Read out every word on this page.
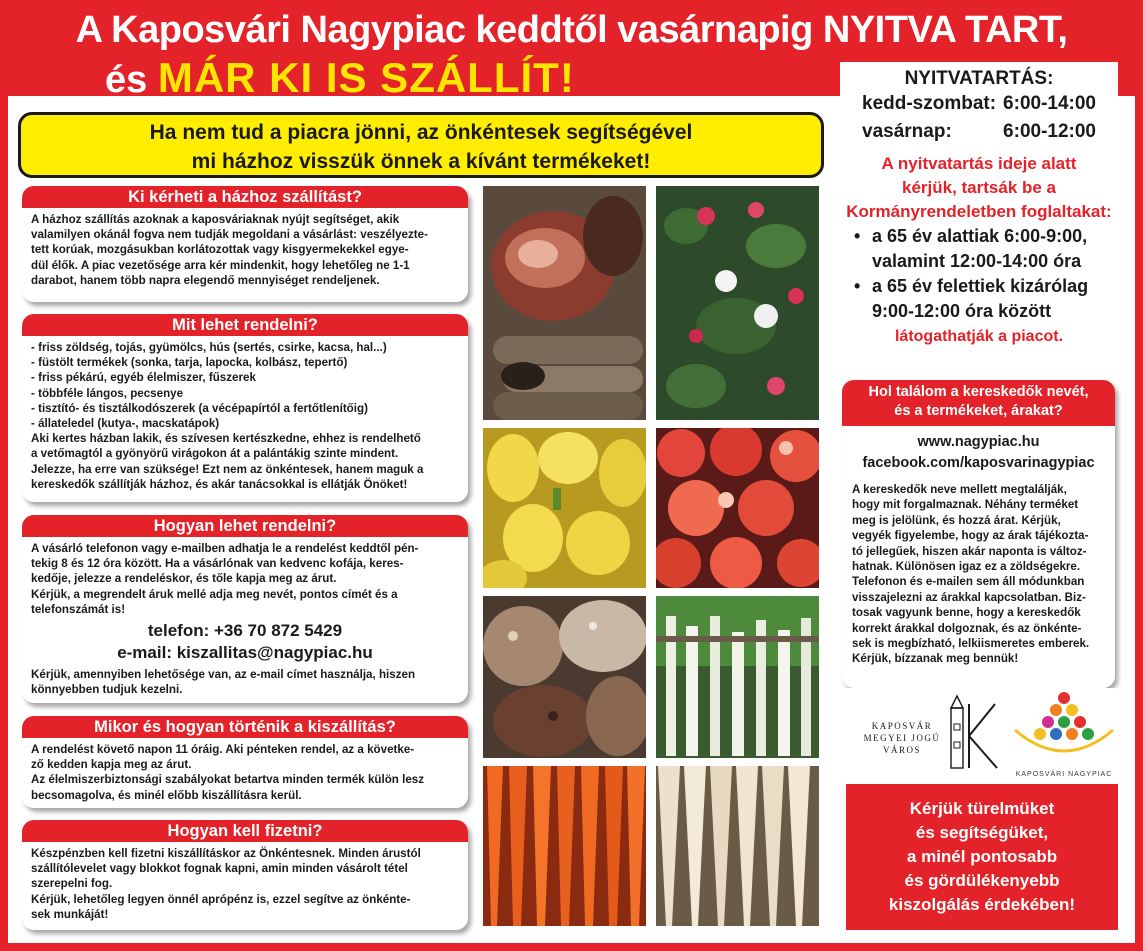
A Kaposvári Nagypiac keddtől vasárnapig NYITVA TART,
és MÁR KI IS SZÁLLÍT!	NYITVATARTÁS:
kedd-szombat: 6:00-14:00
vasárnap:	6:00-12:00
A nyitvatartás ideje alatt
kérjük, tartsák be a
Kormányrendeletben foglaltakat:
• a 65 év alattiak 6:00-9:00,
valamint 12:00-14:00 óra
• a 65 év felettiek kizárólag
9:00-12:00 óra között
látogathatják a piacot.
Ha nem tud a piacra jönni, az önkéntesek segítségével
mi házhoz visszük önnek a kívánt termékeket!
Ki kérheti a házhoz szállítást?

A házhoz szállítás azoknak a kaposváriaknak nyújt segítséget, akik

valamilyen okánál fogva nem tudják megoldani a vásárlást: veszélyezte-

tett korúak, mozgásukban korlátozottak vagy kisgyermekekkel egye-

dül élők. A piac vezetősége arra kér mindenkit, hogy lehetőleg ne 1-1

darabot, hanem több napra elegendő mennyiséget rendeljenek.

Mit lehet rendelni?

- friss zöldség, tojás, gyümölcs, hús (sertés, csirke, kacsa, hal...)

- füstölt termékek (sonka, tarja, lapocka, kolbász, tepertő)

- friss pékárú, egyéb élelmiszer, fűszerek

- többféle lángos, pecsenye

- tisztító- és tisztálkodószerek (a vécépapírtól a fertőtlenítőig)

- állateledel (kutya-, macskatápok)

Aki kertes házban lakik, és szívesen kertészkedne, ehhez is rendelhető

a vetőmagtól a gyönyörű virágokon át a palántákig szinte mindent.

Jelezze, ha erre van szüksége! Ezt nem az önkéntesek, hanem maguk a

kereskedők szállítják házhoz, és akár tanácsokkal is ellátják Önöket!

Hogyan lehet rendelni?

A vásárló telefonon vagy e-mailben adhatja le a rendelést keddtől pén-

tekig 8 és 12 óra között. Ha a vásárlónak van kedvenc kofája, keres-

kedője, jelezze a rendeléskor, és tőle kapja meg az árut.

Kérjük, a megrendelt áruk mellé adja meg nevét, pontos címét és a

telefonszámát is!

telefon: +36 70 872 5429

e-mail: kiszallitas@nagypiac.hu

Kérjük, amennyiben lehetősége van, az e-mail címet használja, hiszen

könnyebben tudjuk kezelni.

Mikor és hogyan történik a kiszállítás?

A rendelést követő napon 11 óráig. Aki pénteken rendel, az a követke-

ző kedden kapja meg az árut.

Az élelmiszerbiztonsági szabályokat betartva minden termék külön lesz

becsomagolva, és minél előbb kiszállításra kerül.

Hogyan kell fizetni?

Készpénzben kell fizetni kiszállításkor az Önkéntesnek. Minden árustól

szállítólevelet vagy blokkot fognak kapni, amin minden vásárolt tétel

szerepelni fog.

Kérjük, lehetőleg legyen önnél aprópénz is, ezzel segítve az önkénte-

sek munkáját!

Hol találom a kereskedők nevét,
és a termékeket, árakat?
www.nagypiac.hu
facebook.com/kaposvarinagypiac
A kereskedők neve mellett megtalálják,
hogy mit forgalmaznak. Néhány terméket
meg is jelölünk, és hozzá árat. Kérjük,
vegyék figyelembe, hogy az árak tájékozta-
tó jellegűek, hiszen akár naponta is változ-
hatnak. Különösen igaz ez a zöldségekre.
Telefonon és e-mailen sem áll módunkban
visszajelezni az árakkal kapcsolatban. Biz-
tosak vagyunk benne, hogy a kereskedők
korrekt árakkal dolgoznak, és az önkénte-
sek is megbízható, lelkiismeretes emberek.
Kérjük, bízzanak meg bennük!
KAPOSVÁR
MEGYEI JOGÚ
VÁROS
KAPOSVÁRI NAGYPIAC
Kérjük türelmüket
és segítségüket,
a minél pontosabb
és gördülékenyebb
kiszolgálás érdekében!
